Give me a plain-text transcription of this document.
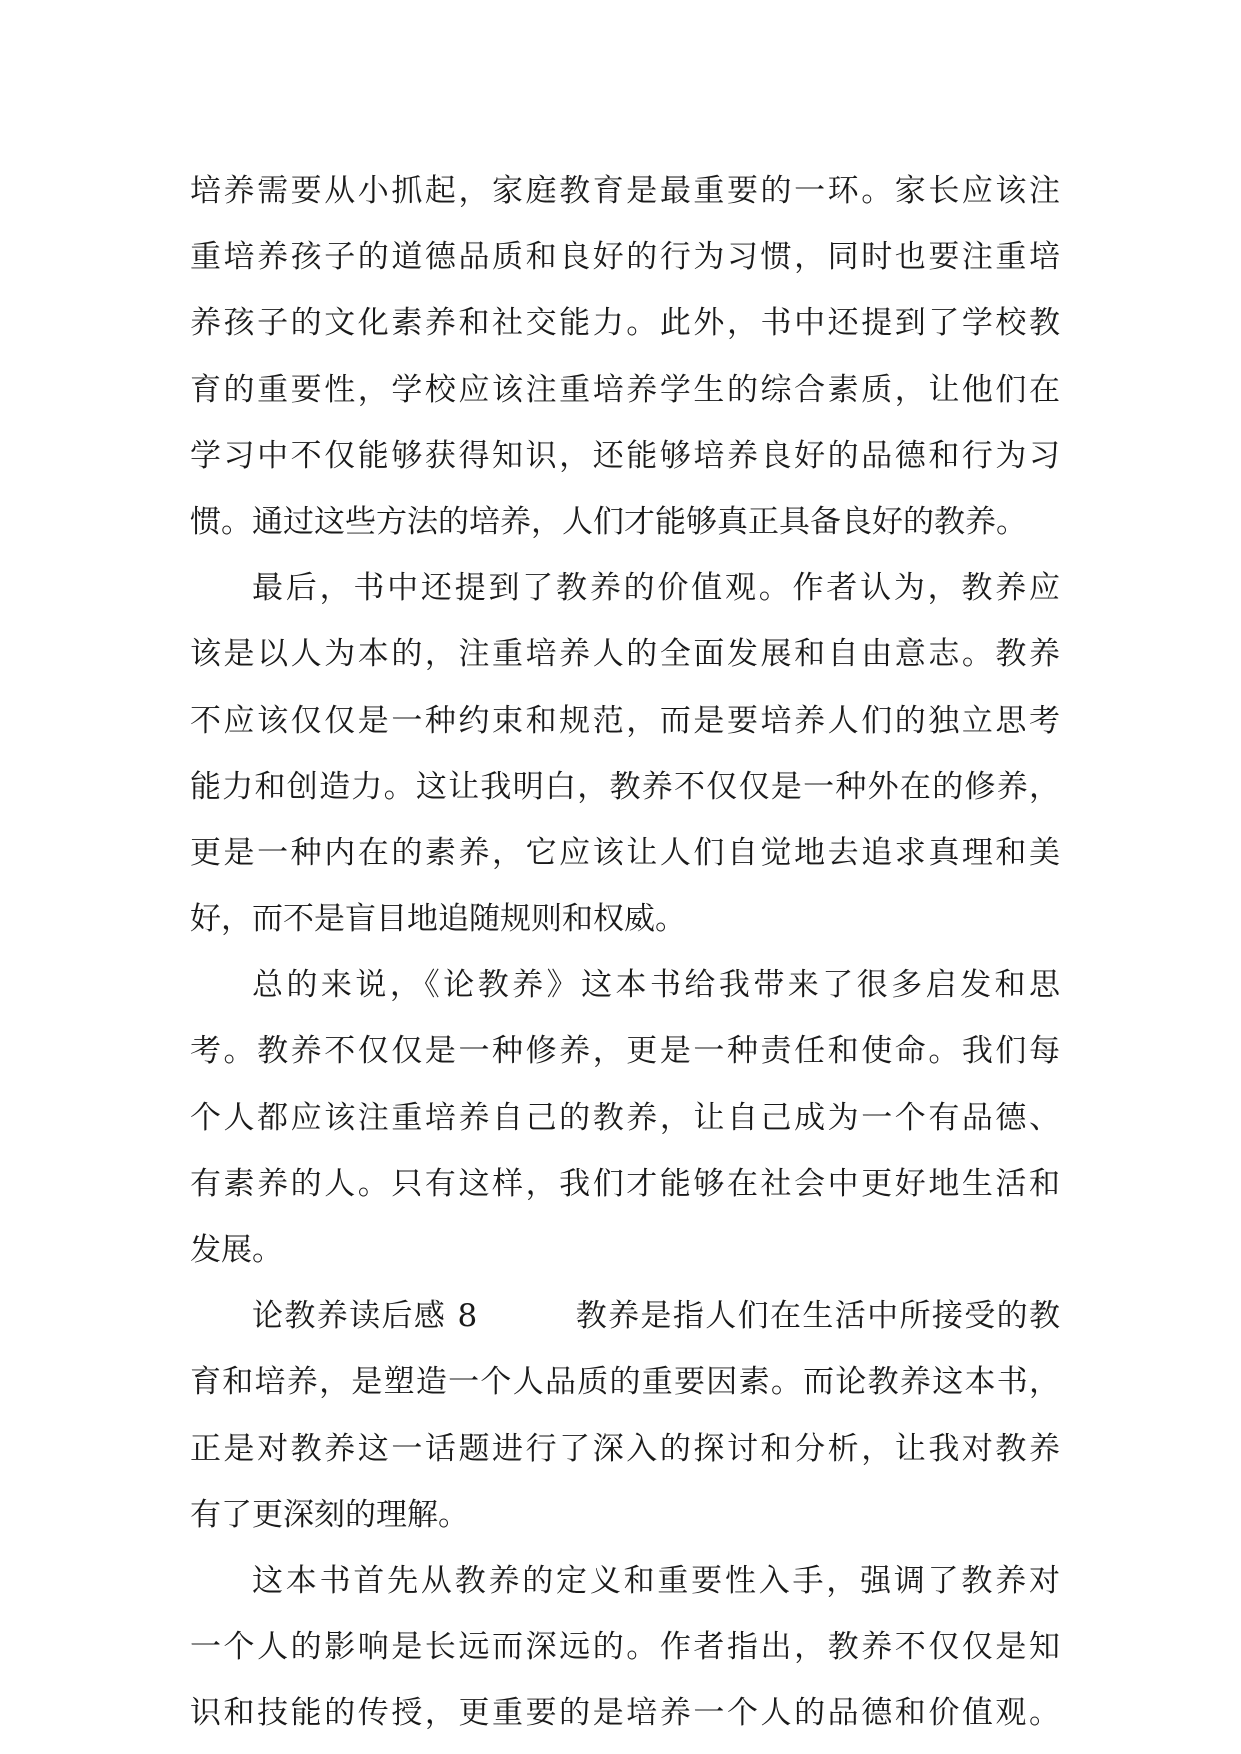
培养需要从小抓起，家庭教育是最重要的一环。家长应该注
重培养孩子的道德品质和良好的行为习惯，同时也要注重培
养孩子的文化素养和社交能力。此外，书中还提到了学校教
育的重要性，学校应该注重培养学生的综合素质，让他们在
学习中不仅能够获得知识，还能够培养良好的品德和行为习
惯。通过这些方法的培养，人们才能够真正具备良好的教养。
最后，书中还提到了教养的价值观。作者认为，教养应
该是以人为本的，注重培养人的全面发展和自由意志。教养
不应该仅仅是一种约束和规范，而是要培养人们的独立思考
能力和创造力。这让我明白，教养不仅仅是一种外在的修养，
更是一种内在的素养，它应该让人们自觉地去追求真理和美
好，而不是盲目地追随规则和权威。
总的来说，《论教养》这本书给我带来了很多启发和思
考。教养不仅仅是一种修养，更是一种责任和使命。我们每
个人都应该注重培养自己的教养，让自己成为一个有品德、
有素养的人。只有这样，我们才能够在社会中更好地生活和
发展。
论教养读后感 8　　　教养是指人们在生活中所接受的教
育和培养，是塑造一个人品质的重要因素。而论教养这本书，
正是对教养这一话题进行了深入的探讨和分析，让我对教养
有了更深刻的理解。
这本书首先从教养的定义和重要性入手，强调了教养对
一个人的影响是长远而深远的。作者指出，教养不仅仅是知
识和技能的传授，更重要的是培养一个人的品德和价值观。
